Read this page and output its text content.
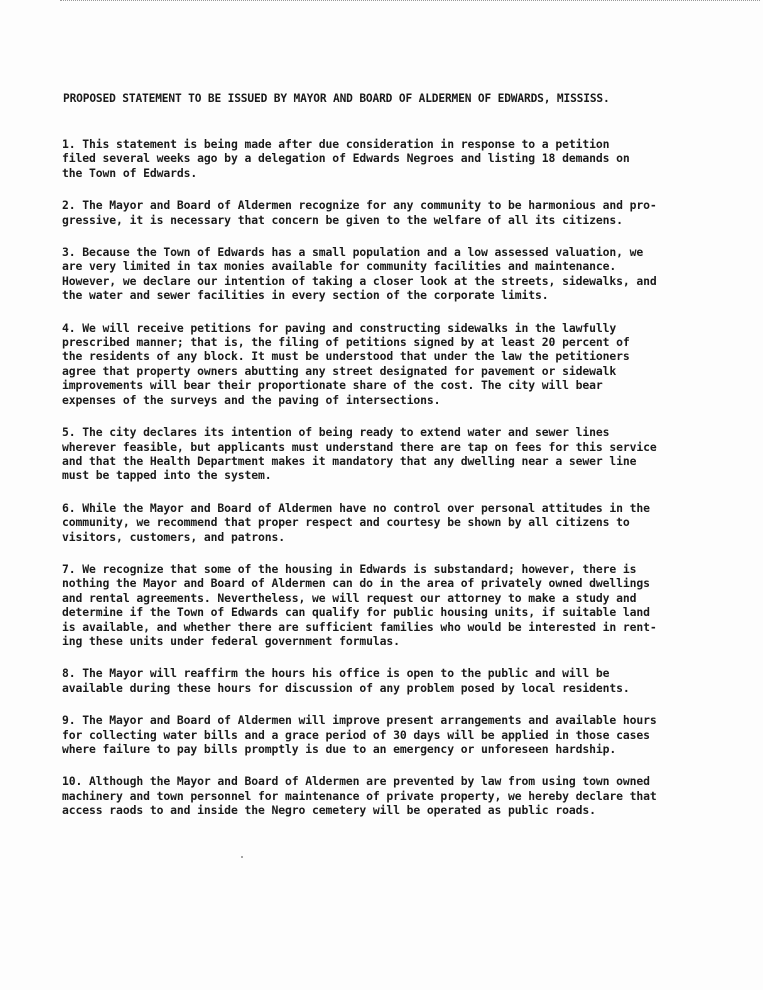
PROPOSED STATEMENT TO BE ISSUED BY MAYOR AND BOARD OF ALDERMEN OF EDWARDS, MISSISS.
1. This statement is being made after due consideration in response to a petition
filed several weeks ago by a delegation of Edwards Negroes and listing 18 demands on
the Town of Edwards.
2. The Mayor and Board of Aldermen recognize for any community to be harmonious and pro-
gressive, it is necessary that concern be given to the welfare of all its citizens.
3. Because the Town of Edwards has a small population and a low assessed valuation, we
are very limited in tax monies available for community facilities and maintenance.
However, we declare our intention of taking a closer look at the streets, sidewalks, and
the water and sewer facilities in every section of the corporate limits.
4. We will receive petitions for paving and constructing sidewalks in the lawfully
prescribed manner; that is, the filing of petitions signed by at least 20 percent of
the residents of any block. It must be understood that under the law the petitioners
agree that property owners abutting any street designated for pavement or sidewalk
improvements will bear their proportionate share of the cost. The city will bear
expenses of the surveys and the paving of intersections.
5. The city declares its intention of being ready to extend water and sewer lines
wherever feasible, but applicants must understand there are tap on fees for this service
and that the Health Department makes it mandatory that any dwelling near a sewer line
must be tapped into the system.
6. While the Mayor and Board of Aldermen have no control over personal attitudes in the
community, we recommend that proper respect and courtesy be shown by all citizens to
visitors, customers, and patrons.
7. We recognize that some of the housing in Edwards is substandard; however, there is
nothing the Mayor and Board of Aldermen can do in the area of privately owned dwellings
and rental agreements. Nevertheless, we will request our attorney to make a study and
determine if the Town of Edwards can qualify for public housing units, if suitable land
is available, and whether there are sufficient families who would be interested in rent-
ing these units under federal government formulas.
8. The Mayor will reaffirm the hours his office is open to the public and will be
available during these hours for discussion of any problem posed by local residents.
9. The Mayor and Board of Aldermen will improve present arrangements and available hours
for collecting water bills and a grace period of 30 days will be applied in those cases
where failure to pay bills promptly is due to an emergency or unforeseen hardship.
10. Although the Mayor and Board of Aldermen are prevented by law from using town owned
machinery and town personnel for maintenance of private property, we hereby declare that
access raods to and inside the Negro cemetery will be operated as public roads.
